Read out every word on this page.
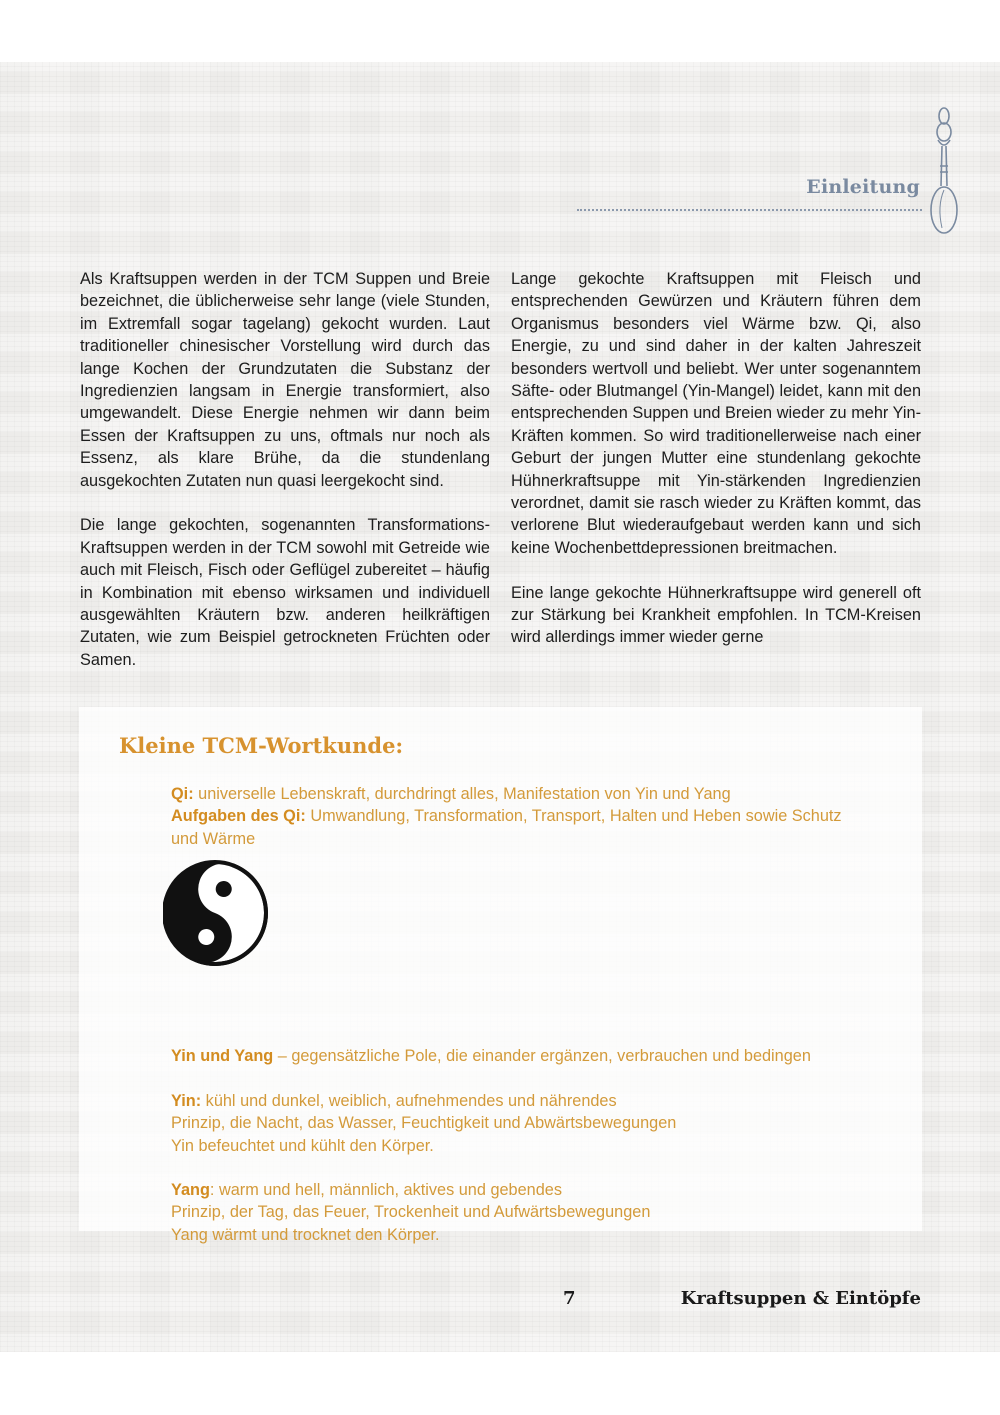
Einleitung

Als Kraftsuppen werden in der TCM Suppen und Breie bezeichnet, die üblicherweise sehr lange (viele Stunden, im Extremfall sogar tagelang) gekocht wurden. Laut traditioneller chinesischer Vorstellung wird durch das lange Kochen der Grundzutaten die Substanz der Ingredienzien langsam in Energie transformiert, also umgewandelt. Diese Energie nehmen wir dann beim Essen der Kraftsuppen zu uns, oftmals nur noch als Essenz, als klare Brühe, da die stundenlang ausgekochten Zutaten nun quasi leergekocht sind.

Die lange gekochten, sogenannten Transformations-Kraftsuppen werden in der TCM sowohl mit Getreide wie auch mit Fleisch, Fisch oder Geflügel zubereitet – häufig in Kombination mit ebenso wirksamen und individuell ausgewählten Kräutern bzw. anderen heilkräftigen Zutaten, wie zum Beispiel getrockneten Früchten oder Samen.

Lange gekochte Kraftsuppen mit Fleisch und entsprechenden Gewürzen und Kräutern führen dem Organismus besonders viel Wärme bzw. Qi, also Energie, zu und sind daher in der kalten Jahreszeit besonders wertvoll und beliebt. Wer unter sogenanntem Säfte- oder Blutmangel (Yin-Mangel) leidet, kann mit den entsprechenden Suppen und Breien wieder zu mehr Yin-Kräften kommen. So wird traditionellerweise nach einer Geburt der jungen Mutter eine stundenlang gekochte Hühnerkraftsuppe mit Yin-stärkenden Ingredienzien verordnet, damit sie rasch wieder zu Kräften kommt, das verlorene Blut wiederaufgebaut werden kann und sich keine Wochenbettdepressionen breitmachen.

Eine lange gekochte Hühnerkraftsuppe wird generell oft zur Stärkung bei Krankheit empfohlen. In TCM-Kreisen wird allerdings immer wieder gerne

Kleine TCM-Wortkunde:
Qi: universelle Lebenskraft, durchdringt alles, Manifestation von Yin und Yang
Aufgaben des Qi: Umwandlung, Transformation, Transport, Halten und Heben sowie Schutz und Wärme
Yin und Yang – gegensätzliche Pole, die einander ergänzen, verbrauchen und bedingen
Yin: kühl und dunkel, weiblich, aufnehmendes und nährendes
Prinzip, die Nacht, das Wasser, Feuchtigkeit und Abwärtsbewegungen
Yin befeuchtet und kühlt den Körper.
Yang: warm und hell, männlich, aktives und gebendes
Prinzip, der Tag, das Feuer, Trockenheit und Aufwärtsbewegungen
Yang wärmt und trocknet den Körper.
7	Kraftsuppen & Eintöpfe
